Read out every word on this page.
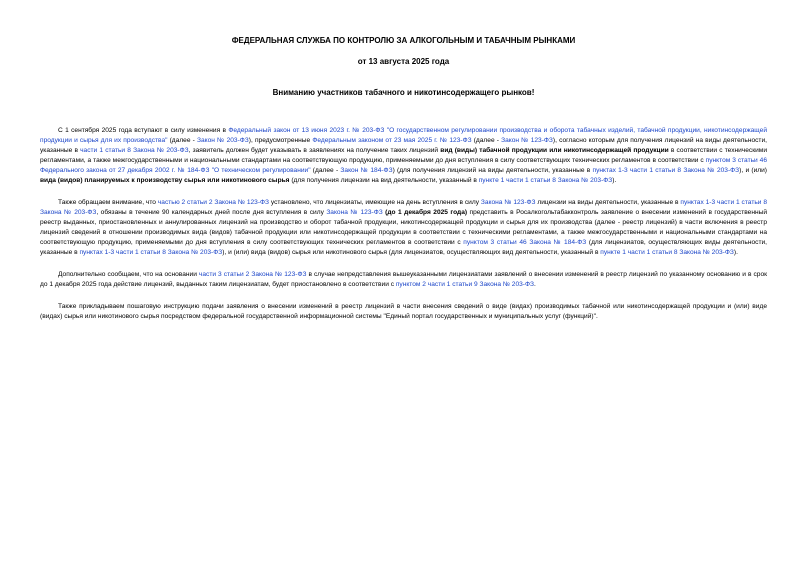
ФЕДЕРАЛЬНАЯ СЛУЖБА ПО КОНТРОЛЮ ЗА АЛКОГОЛЬНЫМ И ТАБАЧНЫМ РЫНКАМИ
от 13 августа 2025 года
Вниманию участников табачного и никотинсодержащего рынков!

С 1 сентября 2025 года вступают в силу изменения в Федеральный закон от 13 июня 2023 г. № 203-ФЗ "О государственном регулировании производства и оборота табачных изделий, табачной продукции, никотинсодержащей продукции и сырья для их производства" (далее - Закон № 203-ФЗ), предусмотренные Федеральным законом от 23 мая 2025 г. № 123-ФЗ (далее - Закон № 123-ФЗ), согласно которым для получения лицензий на виды деятельности, указанные в части 1 статьи 8 Закона № 203-ФЗ, заявитель должен будет указывать в заявлениях на получение таких лицензий вид (виды) табачной продукции или никотинсодержащей продукции в соответствии с техническими регламентами, а также межгосударственными и национальными стандартами на соответствующую продукцию, применяемыми до дня вступления в силу соответствующих технических регламентов в соответствии с пунктом 3 статьи 46 Федерального закона от 27 декабря 2002 г. № 184-ФЗ "О техническом регулировании" (далее - Закон № 184-ФЗ) (для получения лицензий на виды деятельности, указанные в пунктах 1-3 части 1 статьи 8 Закона № 203-ФЗ), и (или) вида (видов) планируемых к производству сырья или никотинового сырья (для получения лицензии на вид деятельности, указанный в пункте 1 части 1 статьи 8 Закона № 203-ФЗ).

Также обращаем внимание, что частью 2 статьи 2 Закона № 123-ФЗ установлено, что лицензиаты, имеющие на день вступления в силу Закона № 123-ФЗ лицензии на виды деятельности, указанные в пунктах 1-3 части 1 статьи 8 Закона № 203-ФЗ, обязаны в течение 90 календарных дней после дня вступления в силу Закона № 123-ФЗ (до 1 декабря 2025 года) представить в Росалкогольтабакконтроль заявление о внесении изменений в государственный реестр выданных, приостановленных и аннулированных лицензий на производство и оборот табачной продукции, никотинсодержащей продукции и сырья для их производства (далее - реестр лицензий) в части включения в реестр лицензий сведений в отношении производимых вида (видов) табачной продукции или никотинсодержащей продукции в соответствии с техническими регламентами, а также межгосударственными и национальными стандартами на соответствующую продукцию, применяемыми до дня вступления в силу соответствующих технических регламентов в соответствии с пунктом 3 статьи 46 Закона № 184-ФЗ (для лицензиатов, осуществляющих виды деятельности, указанные в пунктах 1-3 части 1 статьи 8 Закона № 203-ФЗ), и (или) вида (видов) сырья или никотинового сырья (для лицензиатов, осуществляющих вид деятельности, указанный в пункте 1 части 1 статьи 8 Закона № 203-ФЗ).

Дополнительно сообщаем, что на основании части 3 статьи 2 Закона № 123-ФЗ в случае непредставления вышеуказанными лицензиатами заявлений о внесении изменений в реестр лицензий по указанному основанию и в срок до 1 декабря 2025 года действие лицензий, выданных таким лицензиатам, будет приостановлено в соответствии с пунктом 2 части 1 статьи 9 Закона № 203-ФЗ.

Также прикладываем пошаговую инструкцию подачи заявления о внесении изменений в реестр лицензий в части внесения сведений о виде (видах) производимых табачной или никотинсодержащей продукции и (или) виде (видах) сырья или никотинового сырья посредством федеральной государственной информационной системы "Единый портал государственных и муниципальных услуг (функций)".
